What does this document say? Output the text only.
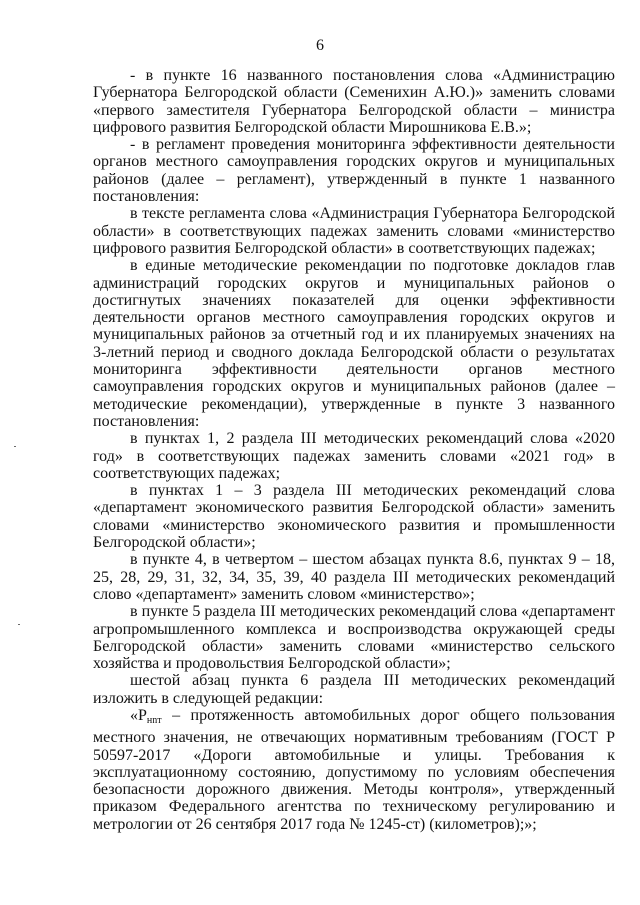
6

- в пункте 16 названного постановления слова «Администрацию Губернатора Белгородской области (Семенихин А.Ю.)» заменить словами «первого заместителя Губернатора Белгородской области – министра цифрового развития Белгородской области Мирошникова Е.В.»;

- в регламент проведения мониторинга эффективности деятельности органов местного самоуправления городских округов и муниципальных районов (далее – регламент), утвержденный в пункте 1 названного постановления:

в тексте регламента слова «Администрация Губернатора Белгородской области» в соответствующих падежах заменить словами «министерство цифрового развития Белгородской области» в соответствующих падежах;

в единые методические рекомендации по подготовке докладов глав администраций городских округов и муниципальных районов о достигнутых значениях показателей для оценки эффективности деятельности органов местного самоуправления городских округов и муниципальных районов за отчетный год и их планируемых значениях на 3-летний период и сводного доклада Белгородской области о результатах мониторинга эффективности деятельности органов местного самоуправления городских округов и муниципальных районов (далее – методические рекомендации), утвержденные в пункте 3 названного постановления:

в пунктах 1, 2 раздела III методических рекомендаций слова «2020 год» в соответствующих падежах заменить словами «2021 год» в соответствующих падежах;

в пунктах 1 – 3 раздела III методических рекомендаций слова «департамент экономического развития Белгородской области» заменить словами «министерство экономического развития и промышленности Белгородской области»;

в пункте 4, в четвертом – шестом абзацах пункта 8.6, пунктах 9 – 18, 25, 28, 29, 31, 32, 34, 35, 39, 40 раздела III методических рекомендаций слово «департамент» заменить словом «министерство»;

в пункте 5 раздела III методических рекомендаций слова «департамент агропромышленного комплекса и воспроизводства окружающей среды Белгородской области» заменить словами «министерство сельского хозяйства и продовольствия Белгородской области»;

шестой абзац пункта 6 раздела III методических рекомендаций изложить в следующей редакции:

«$P_{нnт}$ – протяженность автомобильных дорог общего пользования местного значения, не отвечающих нормативным требованиям (ГОСТ Р 50597-2017 «Дороги автомобильные и улицы. Требования к эксплуатационному состоянию, допустимому по условиям обеспечения безопасности дорожного движения. Методы контроля», утвержденный приказом Федерального агентства по техническому регулированию и метрологии от 26 сентября 2017 года № 1245-ст) (километров);»;
